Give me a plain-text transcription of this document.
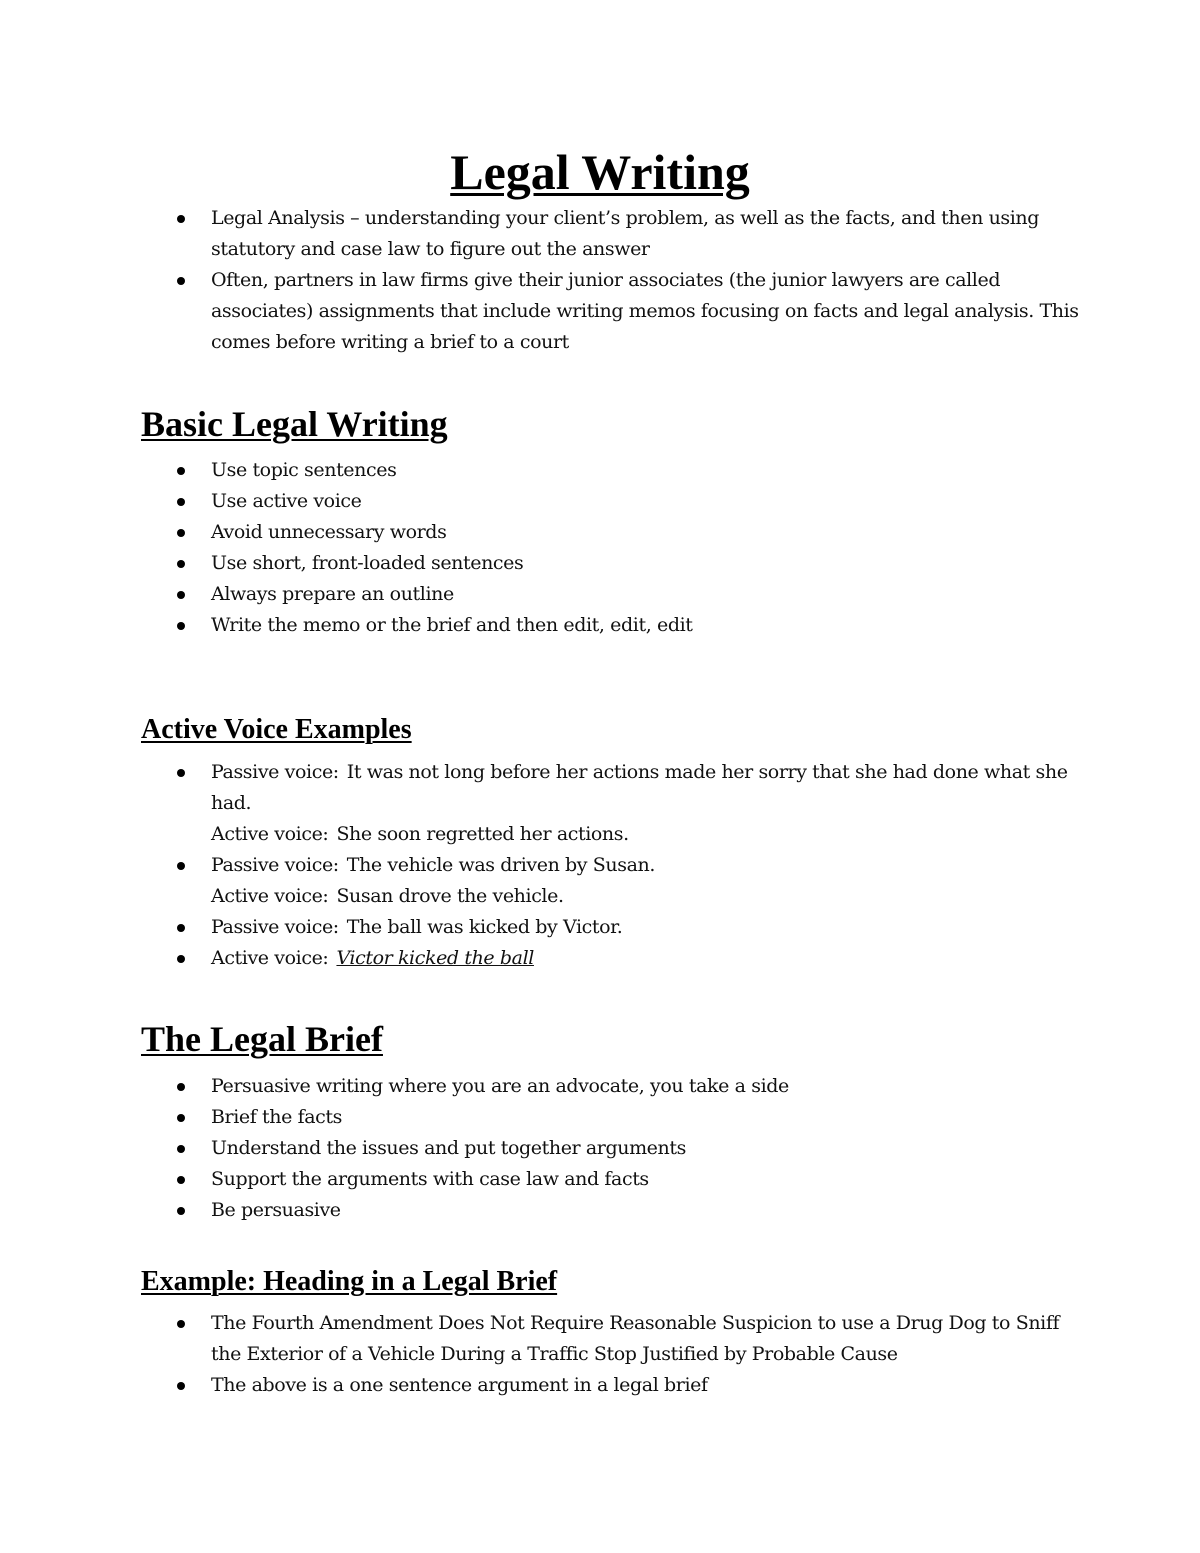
Legal Writing
Legal Analysis – understanding your client’s problem, as well as the facts, and then using statutory and case law to figure out the answer
Often, partners in law firms give their junior associates (the junior lawyers are called associates) assignments that include writing memos focusing on facts and legal analysis. This comes before writing a brief to a court
Basic Legal Writing
Use topic sentences
Use active voice
Avoid unnecessary words
Use short, front-loaded sentences
Always prepare an outline
Write the memo or the brief and then edit, edit, edit
Active Voice Examples
Passive voice: It was not long before her actions made her sorry that she had done what she had.
Active voice: She soon regretted her actions.
Passive voice: The vehicle was driven by Susan.
Active voice: Susan drove the vehicle.
Passive voice: The ball was kicked by Victor.
Active voice: Victor kicked the ball
The Legal Brief
Persuasive writing where you are an advocate, you take a side
Brief the facts
Understand the issues and put together arguments
Support the arguments with case law and facts
Be persuasive
Example: Heading in a Legal Brief
The Fourth Amendment Does Not Require Reasonable Suspicion to use a Drug Dog to Sniff the Exterior of a Vehicle During a Traffic Stop Justified by Probable Cause
The above is a one sentence argument in a legal brief
